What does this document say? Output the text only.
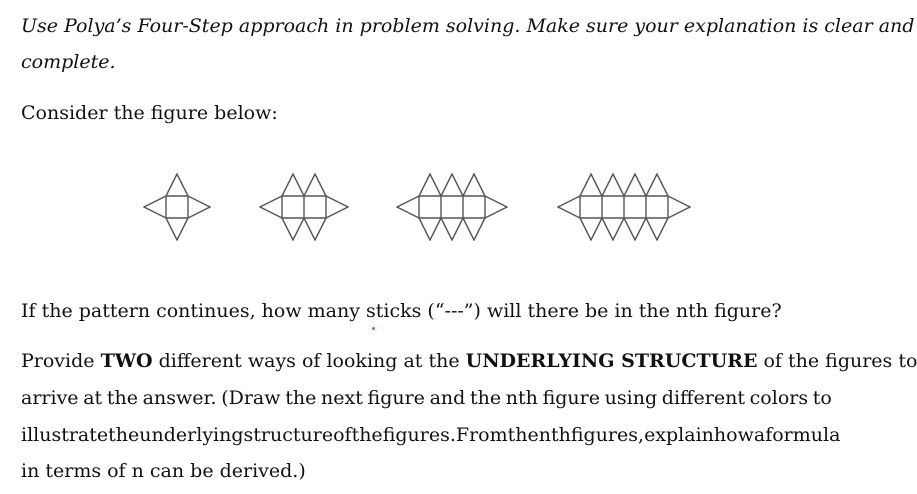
Use Polya’s Four-Step approach in problem solving. Make sure your explanation is clear and

complete.

Consider the figure below:

If the pattern continues, how many sticks (“---”) will there be in the nth figure?

Provide TWO different ways of looking at the UNDERLYING STRUCTURE of the figures to

arrive at the answer. (Draw the next figure and the nth figure using different colors to

illustrate the underlying structure of the figures. From the nth figures, explain how a formula

in terms of n can be derived.)
